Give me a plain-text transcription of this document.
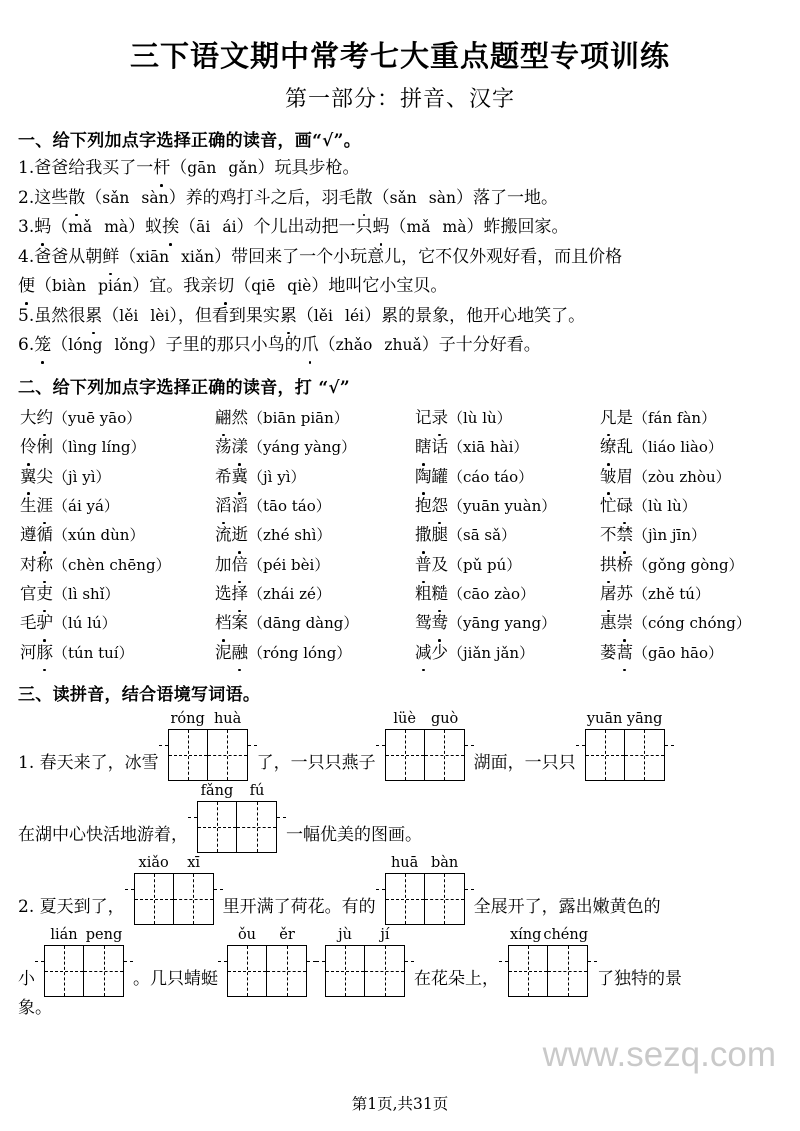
三下语文期中常考七大重点题型专项训练
第一部分：拼音、汉字
一、给下列加点字选择正确的读音，画“√”。
1.爸爸给我买了一杆（gān gǎn）玩具步枪。
2.这些散（sǎn sàn）养的鸡打斗之后，羽毛散（sǎn sàn）落了一地。
3.蚂（mǎ mà）蚁挨（āi ái）个儿出动把一只蚂（mǎ mà）蚱搬回家。
4.爸爸从朝鲜（xiān xiǎn）带回来了一个小玩意儿，它不仅外观好看，而且价格
便（biàn pián）宜。我亲切（qiē qiè）地叫它小宝贝。
5.虽然很累（lěi lèi），但看到果实累（lěi léi）累的景象，他开心地笑了。
6.笼（lóng lǒng）子里的那只小鸟的爪（zhǎo zhuǎ）子十分好看。
二、给下列加点字选择正确的读音，打 “√”
大约（yuē yāo）	翩然（biān piān）	记录（lù lù）	凡是（fán fàn）
伶俐（lìng líng）	荡漾（yáng yàng）	瞎话（xiā hài）	缭乱（liáo liào）
翼尖（jì yì）	希冀（jì yì）	陶罐（cáo táo）	皱眉（zòu zhòu）
生涯（ái yá）	滔滔（tāo táo）	抱怨（yuān yuàn）	忙碌（lù lù）
遵循（xún dùn）	流逝（zhé shì）	撒腿（sā sǎ）	不禁（jìn jīn）
对称（chèn chēng）	加倍（péi bèi）	普及（pǔ pú）	拱桥（gǒng gòng）
官吏（lì shǐ）	选择（zhái zé）	粗糙（cāo zào）	屠苏（zhě tú）
毛驴（lú lú）	档案（dāng dàng）	鸳鸯（yāng yang）	惠崇（cóng chóng）
河豚（tún tuí）	泥融（róng lóng）	减少（jiǎn jǎn）	蒌蒿（gāo hāo）
三、读拼音，结合语境写词语。
1. 春天来了，冰雪
róng huà
了，一只只燕子
lüè	guò
湖面，一只只
yuān yāng
在湖中心快活地游着，
fǎng	fú
一幅优美的图画。
2. 夏天到了，
xiǎo	xī
里开满了荷花。有的
huā bàn
全展开了，露出嫩黄色的
小
lián peng
。几只蜻蜓
ǒu	ěr	jù	jí
在花朵上，
xíng chéng
了独特的景
象。
www.sezq.com
第1页,共31页
